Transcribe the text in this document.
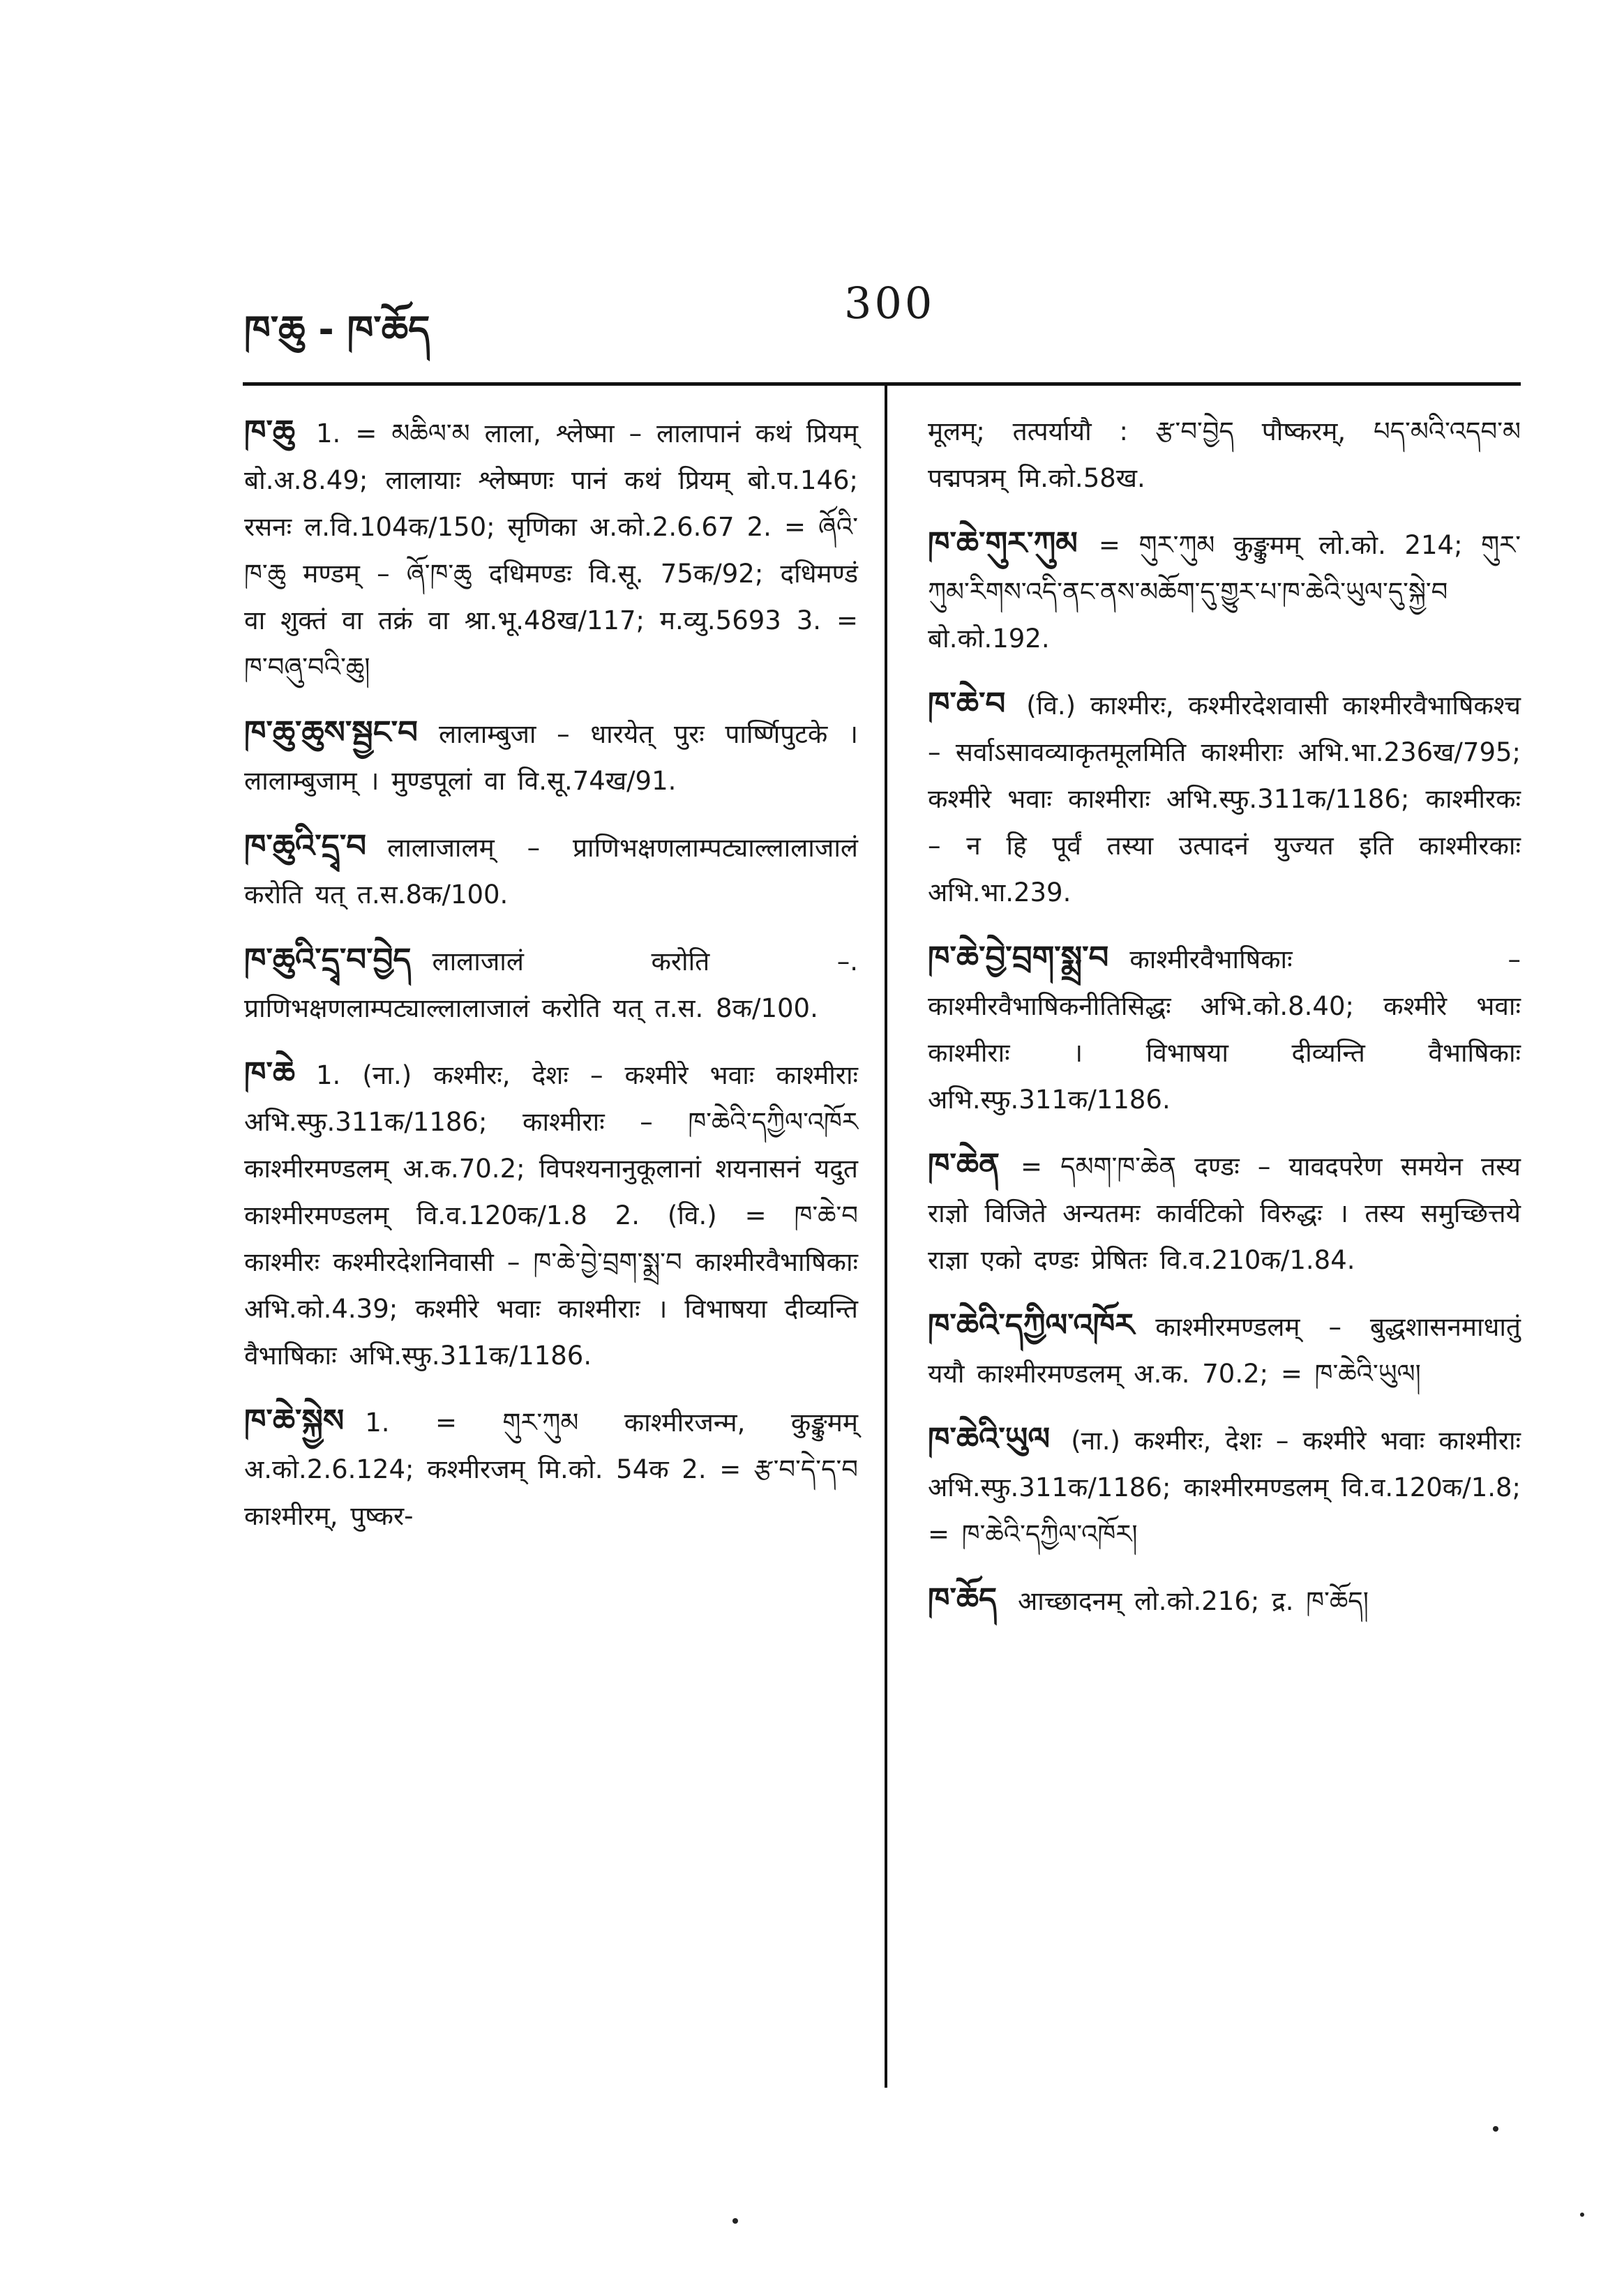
ཁ་ཆུ - ཁ་ཆོད
300
ཁ་ཆུ 1. = མཆིལ་མ लाला, श्लेष्मा – लालापानं कथं प्रियम् बो.अ.8.49; लालायाः श्लेष्मणः पानं कथं प्रियम् बो.प.146; रसनः ल.वि.104क/150; सृणिका अ.को.2.6.67 2. = ཞོའི་ཁ་ཆུ मण्डम् – ཞོ་ཁ་ཆུ दधिमण्डः वि.सू. 75क/92; दधिमण्डं वा शुक्तं वा तक्रं वा श्रा.भू.48ख/117; म.व्यु.5693 3. = ཁ་བཞུ་བའི་ཆུ།
ཁ་ཆུ་ཆུས་སྦྱང་བ लालाम्बुजा – धारयेत् पुरः पार्ष्णिपुटके । लालाम्बुजाम् । मुण्डपूलां वा वि.सू.74ख/91.
ཁ་ཆུའི་དྲྭ་བ लालाजालम् – प्राणिभक्षणलाम्पट्याल्लालाजालं करोति यत् त.स.8क/100.
ཁ་ཆུའི་དྲྭ་བ་བྱེད लालाजालं करोति –. प्राणिभक्षणलाम्पट्याल्लालाजालं करोति यत् त.स. 8क/100.
ཁ་ཆེ 1. (ना.) कश्मीरः, देशः – कश्मीरे भवाः काश्मीराः अभि.स्फु.311क/1186; काश्मीराः – ཁ་ཆེའི་དཀྱིལ་འཁོར काश्मीरमण्डलम् अ.क.70.2; विपश्यनानुकूलानां शयनासनं यदुत काश्मीरमण्डलम् वि.व.120क/1.8 2. (वि.) = ཁ་ཆེ་བ काश्मीरः कश्मीरदेशनिवासी – ཁ་ཆེ་བྱེ་བྲག་སྨྲ་བ काश्मीरवैभाषिकाः अभि.को.4.39; कश्मीरे भवाः काश्मीराः । विभाषया दीव्यन्ति वैभाषिकाः अभि.स्फु.311क/1186.
ཁ་ཆེ་སྐྱེས 1. = གུར་ཀུམ काश्मीरजन्म, कुङ्कुमम् अ.को.2.6.124; कश्मीरजम् मि.को. 54क 2. = རྩ་བ་དེ་ད་བ काश्मीरम्, पुष्कर-
मूलम्; तत्पर्यायौ : རྩ་བ་བྱེད पौष्करम्, པད་མའི་འདབ་མ पद्मपत्रम् मि.को.58ख.
ཁ་ཆེ་གུར་ཀུམ = གུར་ཀུམ कुङ्कुमम् लो.को. 214; གུར་ཀུམ་རིགས་འདི་ནང་ནས་མཆོག་དུ་གྱུར་པ་ཁ་ཆེའི་ཡུལ་དུ་སྐྱེ་བ बो.को.192.
ཁ་ཆེ་བ (वि.) काश्मीरः, कश्मीरदेशवासी काश्मीरवैभाषिकश्च – सर्वाऽसावव्याकृतमूलमिति काश्मीराः अभि.भा.236ख/795; कश्मीरे भवाः काश्मीराः अभि.स्फु.311क/1186; काश्मीरकः – न हि पूर्वं तस्या उत्पादनं युज्यत इति काश्मीरकाः अभि.भा.239.
ཁ་ཆེ་བྱེ་བྲག་སྨྲ་བ काश्मीरवैभाषिकाः – काश्मीरवैभाषिकनीतिसिद्धः अभि.को.8.40; कश्मीरे भवाः काश्मीराः । विभाषया दीव्यन्ति वैभाषिकाः अभि.स्फु.311क/1186.
ཁ་ཆེན = དམག་ཁ་ཆེན दण्डः – यावदपरेण समयेन तस्य राज्ञो विजिते अन्यतमः कार्वटिको विरुद्धः । तस्य समुच्छित्तये राज्ञा एको दण्डः प्रेषितः वि.व.210क/1.84.
ཁ་ཆེའི་དཀྱིལ་འཁོར काश्मीरमण्डलम् – बुद्धशासनमाधातुं ययौ काश्मीरमण्डलम् अ.क. 70.2; = ཁ་ཆེའི་ཡུལ།
ཁ་ཆེའི་ཡུལ (ना.) कश्मीरः, देशः – कश्मीरे भवाः काश्मीराः अभि.स्फु.311क/1186; काश्मीरमण्डलम् वि.व.120क/1.8; = ཁ་ཆེའི་དཀྱིལ་འཁོར།
ཁ་ཆོད आच्छादनम् लो.को.216; द्र. ཁ་ཆོད།
